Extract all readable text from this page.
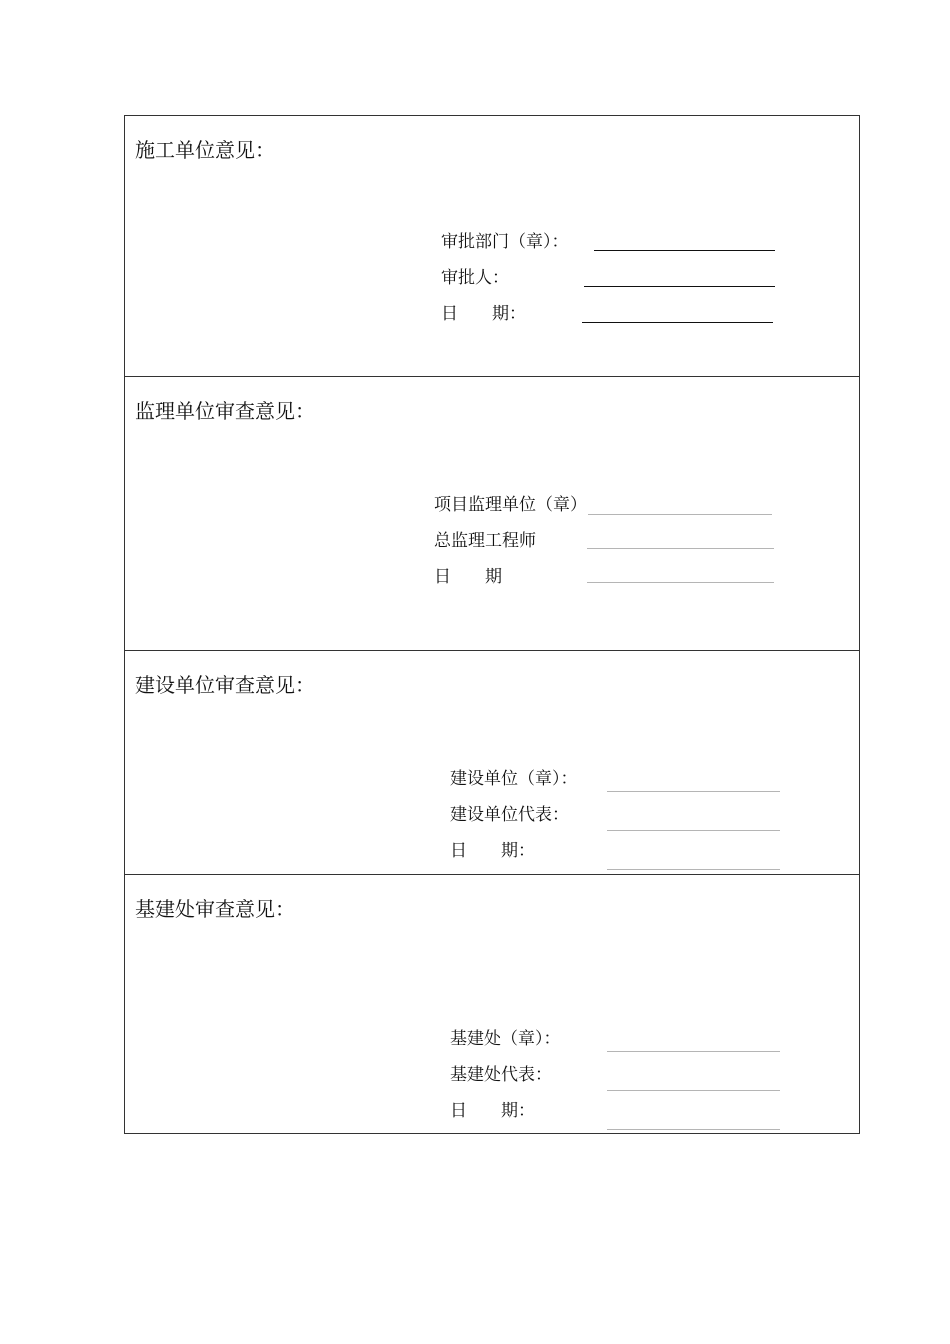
施工单位意见：
审批部门（章）：
审批人：
日　　期：
监理单位审查意见：
项目监理单位（章）
总监理工程师
日　　期
建设单位审查意见：
建设单位（章）：
建设单位代表：
日　　期：
基建处审查意见：
基建处（章）：
基建处代表：
日　　期：
